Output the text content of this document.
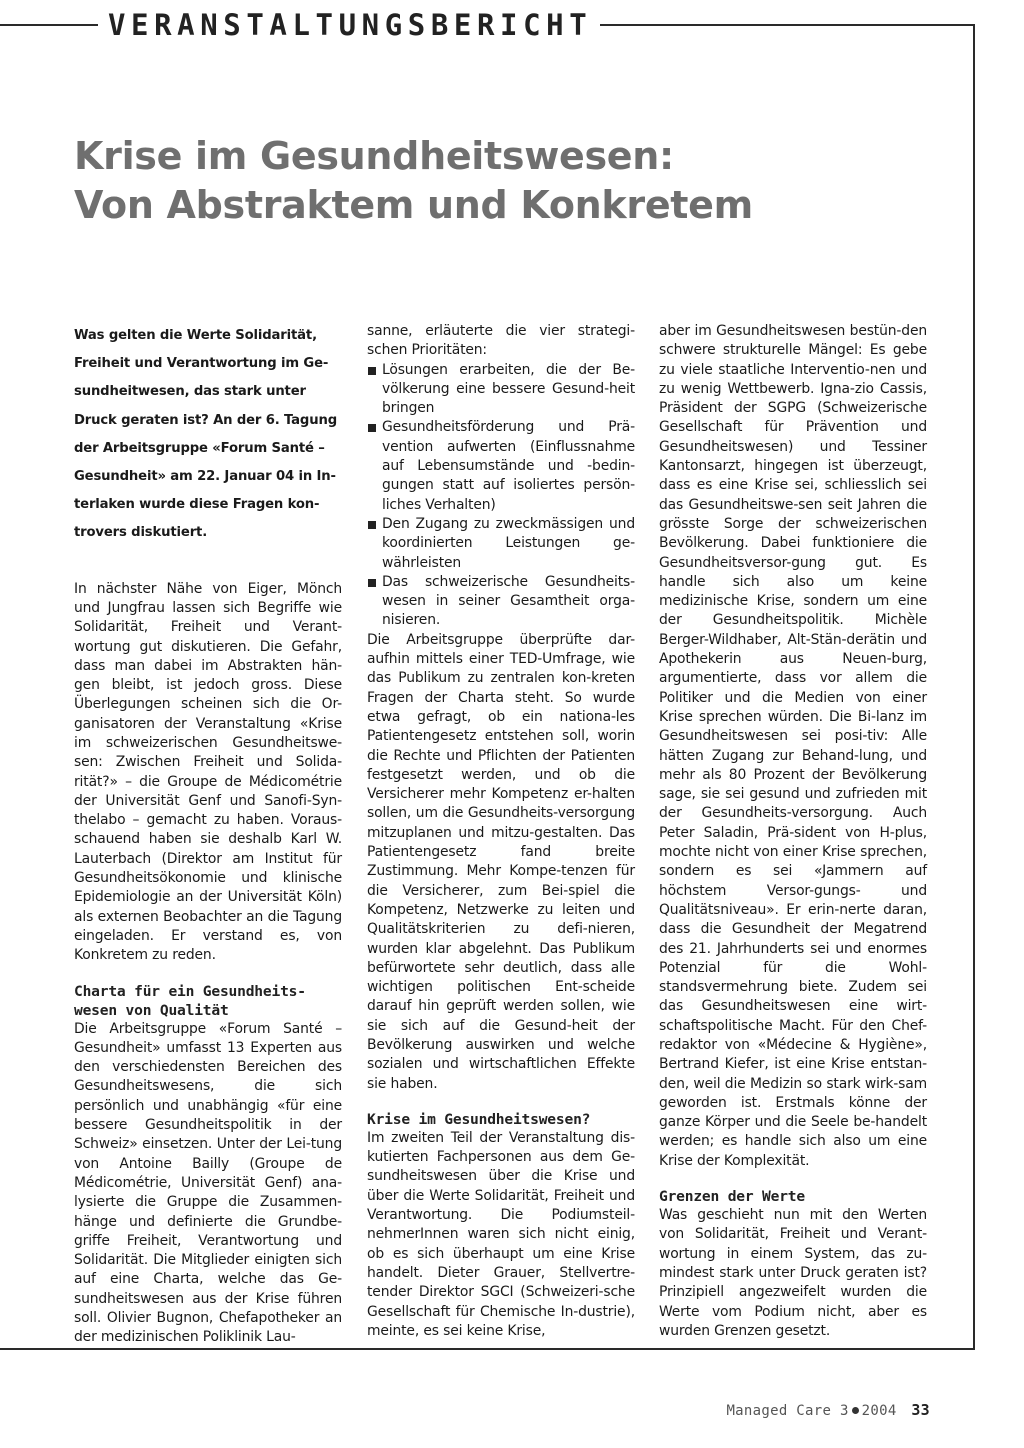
VERANSTALTUNGSBERICHT
Krise im Gesundheitswesen:
Von Abstraktem und Konkretem

Was gelten die Werte Solidarität, Freiheit und Verantwortung im Ge-sundheitwesen, das stark unter Druck geraten ist? An der 6. Tagung der Arbeitsgruppe «Forum Santé – Gesundheit» am 22. Januar 04 in In-terlaken wurde diese Fragen kon-trovers diskutiert.

In nächster Nähe von Eiger, Mönch und Jungfrau lassen sich Begriffe wie Solidarität, Freiheit und Verant-wortung gut diskutieren. Die Gefahr, dass man dabei im Abstrakten hän-gen bleibt, ist jedoch gross. Diese Überlegungen scheinen sich die Or-ganisatoren der Veranstaltung «Krise im schweizerischen Gesundheitswe-sen: Zwischen Freiheit und Solida-rität?» – die Groupe de Médicométrie der Universität Genf und Sanofi-Syn-thelabo – gemacht zu haben. Voraus-schauend haben sie deshalb Karl W. Lauterbach (Direktor am Institut für Gesundheitsökonomie und klinische Epidemiologie an der Universität Köln) als externen Beobachter an die Tagung eingeladen. Er verstand es, von Konkretem zu reden.

Charta für ein Gesundheits-wesen von Qualität

Die Arbeitsgruppe «Forum Santé – Gesundheit» umfasst 13 Experten aus den verschiedensten Bereichen des Gesundheitswesens, die sich persönlich und unabhängig «für eine bessere Gesundheitspolitik in der Schweiz» einsetzen. Unter der Lei-tung von Antoine Bailly (Groupe de Médicométrie, Universität Genf) ana-lysierte die Gruppe die Zusammen-hänge und definierte die Grundbe-griffe Freiheit, Verantwortung und Solidarität. Die Mitglieder einigten sich auf eine Charta, welche das Ge-sundheitswesen aus der Krise führen soll. Olivier Bugnon, Chefapotheker an der medizinischen Poliklinik Lau-

sanne, erläuterte die vier strategi-schen Prioritäten:

Lösungen erarbeiten, die der Be-völkerung eine bessere Gesund-heit bringen
Gesundheitsförderung und Prä-vention aufwerten (Einflussnahme auf Lebensumstände und -bedin-gungen statt auf isoliertes persön-liches Verhalten)
Den Zugang zu zweckmässigen und koordinierten Leistungen ge-währleisten
Das schweizerische Gesundheits-wesen in seiner Gesamtheit orga-nisieren.

Die Arbeitsgruppe überprüfte dar-aufhin mittels einer TED-Umfrage, wie das Publikum zu zentralen kon-kreten Fragen der Charta steht. So wurde etwa gefragt, ob ein nationa-les Patientengesetz entstehen soll, worin die Rechte und Pflichten der Patienten festgesetzt werden, und ob die Versicherer mehr Kompetenz er-halten sollen, um die Gesundheits-versorgung mitzuplanen und mitzu-gestalten. Das Patientengesetz fand breite Zustimmung. Mehr Kompe-tenzen für die Versicherer, zum Bei-spiel die Kompetenz, Netzwerke zu leiten und Qualitätskriterien zu defi-nieren, wurden klar abgelehnt. Das Publikum befürwortete sehr deutlich, dass alle wichtigen politischen Ent-scheide darauf hin geprüft werden sollen, wie sie sich auf die Gesund-heit der Bevölkerung auswirken und welche sozialen und wirtschaftlichen Effekte sie haben.

Krise im Gesundheitswesen?

Im zweiten Teil der Veranstaltung dis-kutierten Fachpersonen aus dem Ge-sundheitswesen über die Krise und über die Werte Solidarität, Freiheit und Verantwortung. Die Podiumsteil-nehmerInnen waren sich nicht einig, ob es sich überhaupt um eine Krise handelt. Dieter Grauer, Stellvertre-tender Direktor SGCI (Schweizeri-sche Gesellschaft für Chemische In-dustrie), meinte, es sei keine Krise,

aber im Gesundheitswesen bestün-den schwere strukturelle Mängel: Es gebe zu viele staatliche Interventio-nen und zu wenig Wettbewerb. Igna-zio Cassis, Präsident der SGPG (Schweizerische Gesellschaft für Prävention und Gesundheitswesen) und Tessiner Kantonsarzt, hingegen ist überzeugt, dass es eine Krise sei, schliesslich sei das Gesundheitswe-sen seit Jahren die grösste Sorge der schweizerischen Bevölkerung. Dabei funktioniere die Gesundheitsversor-gung gut. Es handle sich also um keine medizinische Krise, sondern um eine der Gesundheitspolitik. Michèle Berger-Wildhaber, Alt-Stän-derätin und Apothekerin aus Neuen-burg, argumentierte, dass vor allem die Politiker und die Medien von einer Krise sprechen würden. Die Bi-lanz im Gesundheitswesen sei posi-tiv: Alle hätten Zugang zur Behand-lung, und mehr als 80 Prozent der Bevölkerung sage, sie sei gesund und zufrieden mit der Gesundheits-versorgung. Auch Peter Saladin, Prä-sident von H-plus, mochte nicht von einer Krise sprechen, sondern es sei «Jammern auf höchstem Versor-gungs- und Qualitätsniveau». Er erin-nerte daran, dass die Gesundheit der Megatrend des 21. Jahrhunderts sei und enormes Potenzial für die Wohl-standsvermehrung biete. Zudem sei das Gesundheitswesen eine wirt-schaftspolitische Macht. Für den Chef-redaktor von «Médecine & Hygiène», Bertrand Kiefer, ist eine Krise entstan-den, weil die Medizin so stark wirk-sam geworden ist. Erstmals könne der ganze Körper und die Seele be-handelt werden; es handle sich also um eine Krise der Komplexität.

Grenzen der Werte

Was geschieht nun mit den Werten von Solidarität, Freiheit und Verant-wortung in einem System, das zu-mindest stark unter Druck geraten ist? Prinzipiell angezweifelt wurden die Werte vom Podium nicht, aber es wurden Grenzen gesetzt.

Managed Care 3 2004 33
